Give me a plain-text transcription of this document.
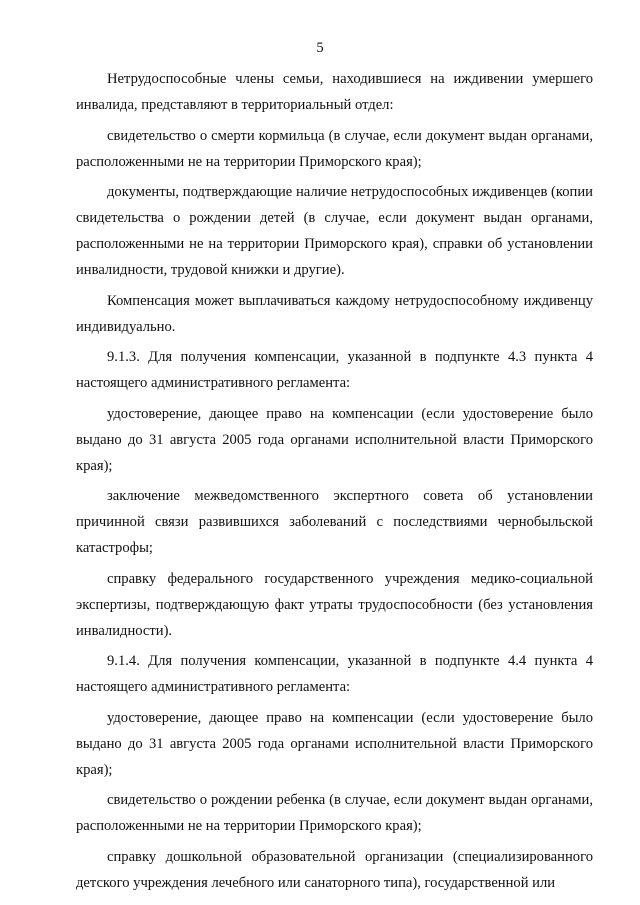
5

Нетрудоспособные члены семьи, находившиеся на иждивении умершего инвалида, представляют в территориальный отдел:

свидетельство о смерти кормильца (в случае, если документ выдан органами, расположенными не на территории Приморского края);

документы, подтверждающие наличие нетрудоспособных иждивенцев (копии свидетельства о рождении детей (в случае, если документ выдан органами, расположенными не на территории Приморского края), справки об установлении инвалидности, трудовой книжки и другие).

Компенсация может выплачиваться каждому нетрудоспособному иждивенцу индивидуально.

9.1.3. Для получения компенсации, указанной в подпункте 4.3 пункта 4 настоящего административного регламента:

удостоверение, дающее право на компенсации (если удостоверение было выдано до 31 августа 2005 года органами исполнительной власти Приморского края);

заключение межведомственного экспертного совета об установлении причинной связи развившихся заболеваний с последствиями чернобыльской катастрофы;

справку федерального государственного учреждения медико-социальной экспертизы, подтверждающую факт утраты трудоспособности (без установления инвалидности).

9.1.4. Для получения компенсации, указанной в подпункте 4.4 пункта 4 настоящего административного регламента:

удостоверение, дающее право на компенсации (если удостоверение было выдано до 31 августа 2005 года органами исполнительной власти Приморского края);

свидетельство о рождении ребенка (в случае, если документ выдан органами, расположенными не на территории Приморского края);

справку дошкольной образовательной организации (специализированного детского учреждения лечебного или санаторного типа), государственной или
